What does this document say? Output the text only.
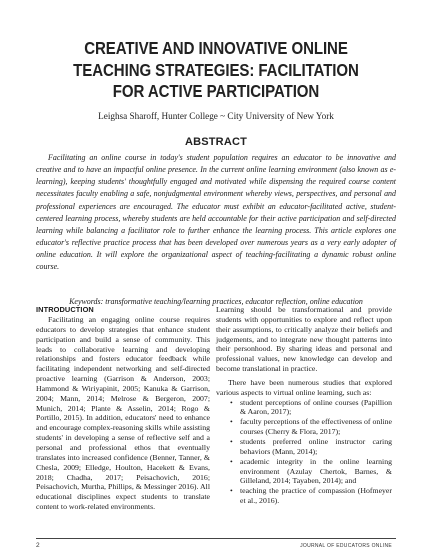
CREATIVE AND INNOVATIVE ONLINE
TEACHING STRATEGIES: FACILITATION
FOR ACTIVE PARTICIPATION
Leighsa Sharoff, Hunter College ~ City University of New York
ABSTRACT

Facilitating an online course in today's student population requires an educator to be innovative and creative and to have an impactful online presence. In the current online learning environment (also known as e-learning), keeping students' thoughtfully engaged and motivated while dispensing the required course content necessitates faculty enabling a safe, nonjudgmental environment whereby views, perspectives, and personal and professional experiences are encouraged. The educator must exhibit an educator-facilitated active, student-centered learning process, whereby students are held accountable for their active participation and self-directed learning while balancing a facilitator role to further enhance the learning process. This article explores one educator's reflective practice process that has been developed over numerous years as a very early adopter of online education. It will explore the organizational aspect of teaching-facilitating a dynamic robust online course.

Keywords: transformative teaching/learning practices, educator reflection, online education

INTRODUCTION

Facilitating an engaging online course requires educators to develop strategies that enhance student participation and build a sense of community. This leads to collaborative learning and developing relationships and fosters educator feedback while facilitating independent networking and self-directed proactive learning (Garrison & Anderson, 2003; Hammond & Wiriyapinit, 2005; Kanuka & Garrison, 2004; Mann, 2014; Melrose & Bergeron, 2007; Munich, 2014; Plante & Asselin, 2014; Rogo & Portillo, 2015). In addition, educators' need to enhance and encourage complex-reasoning skills while assisting students' in developing a sense of reflective self and a personal and professional ethos that eventually translates into increased confidence (Benner, Tanner, & Chesla, 2009; Elledge, Houlton, Hacekett & Evans, 2018; Chadha, 2017; Peisachovich, 2016; Peisachovich, Murtha, Phillips, & Messinger 2016). All educational disciplines expect students to translate content to work-related environments.

Learning should be transformational and provide students with opportunities to explore and reflect upon their assumptions, to critically analyze their beliefs and judgements, and to integrate new thought patterns into their personhood. By sharing ideas and personal and professional values, new knowledge can develop and become translational in practice.

There have been numerous studies that explored various aspects to virtual online learning, such as:

• student perceptions of online courses (Papillion & Aaron, 2017);
• faculty perceptions of the effectiveness of online courses (Cherry & Flora, 2017);
• students preferred online instructor caring behaviors (Mann, 2014);
• academic integrity in the online learning environment (Azulay Chertok, Barnes, & Gilleland, 2014; Tayaben, 2014); and
• teaching the practice of compassion (Hofmeyer et al., 2016).
2	JOURNAL OF EDUCATORS ONLINE
